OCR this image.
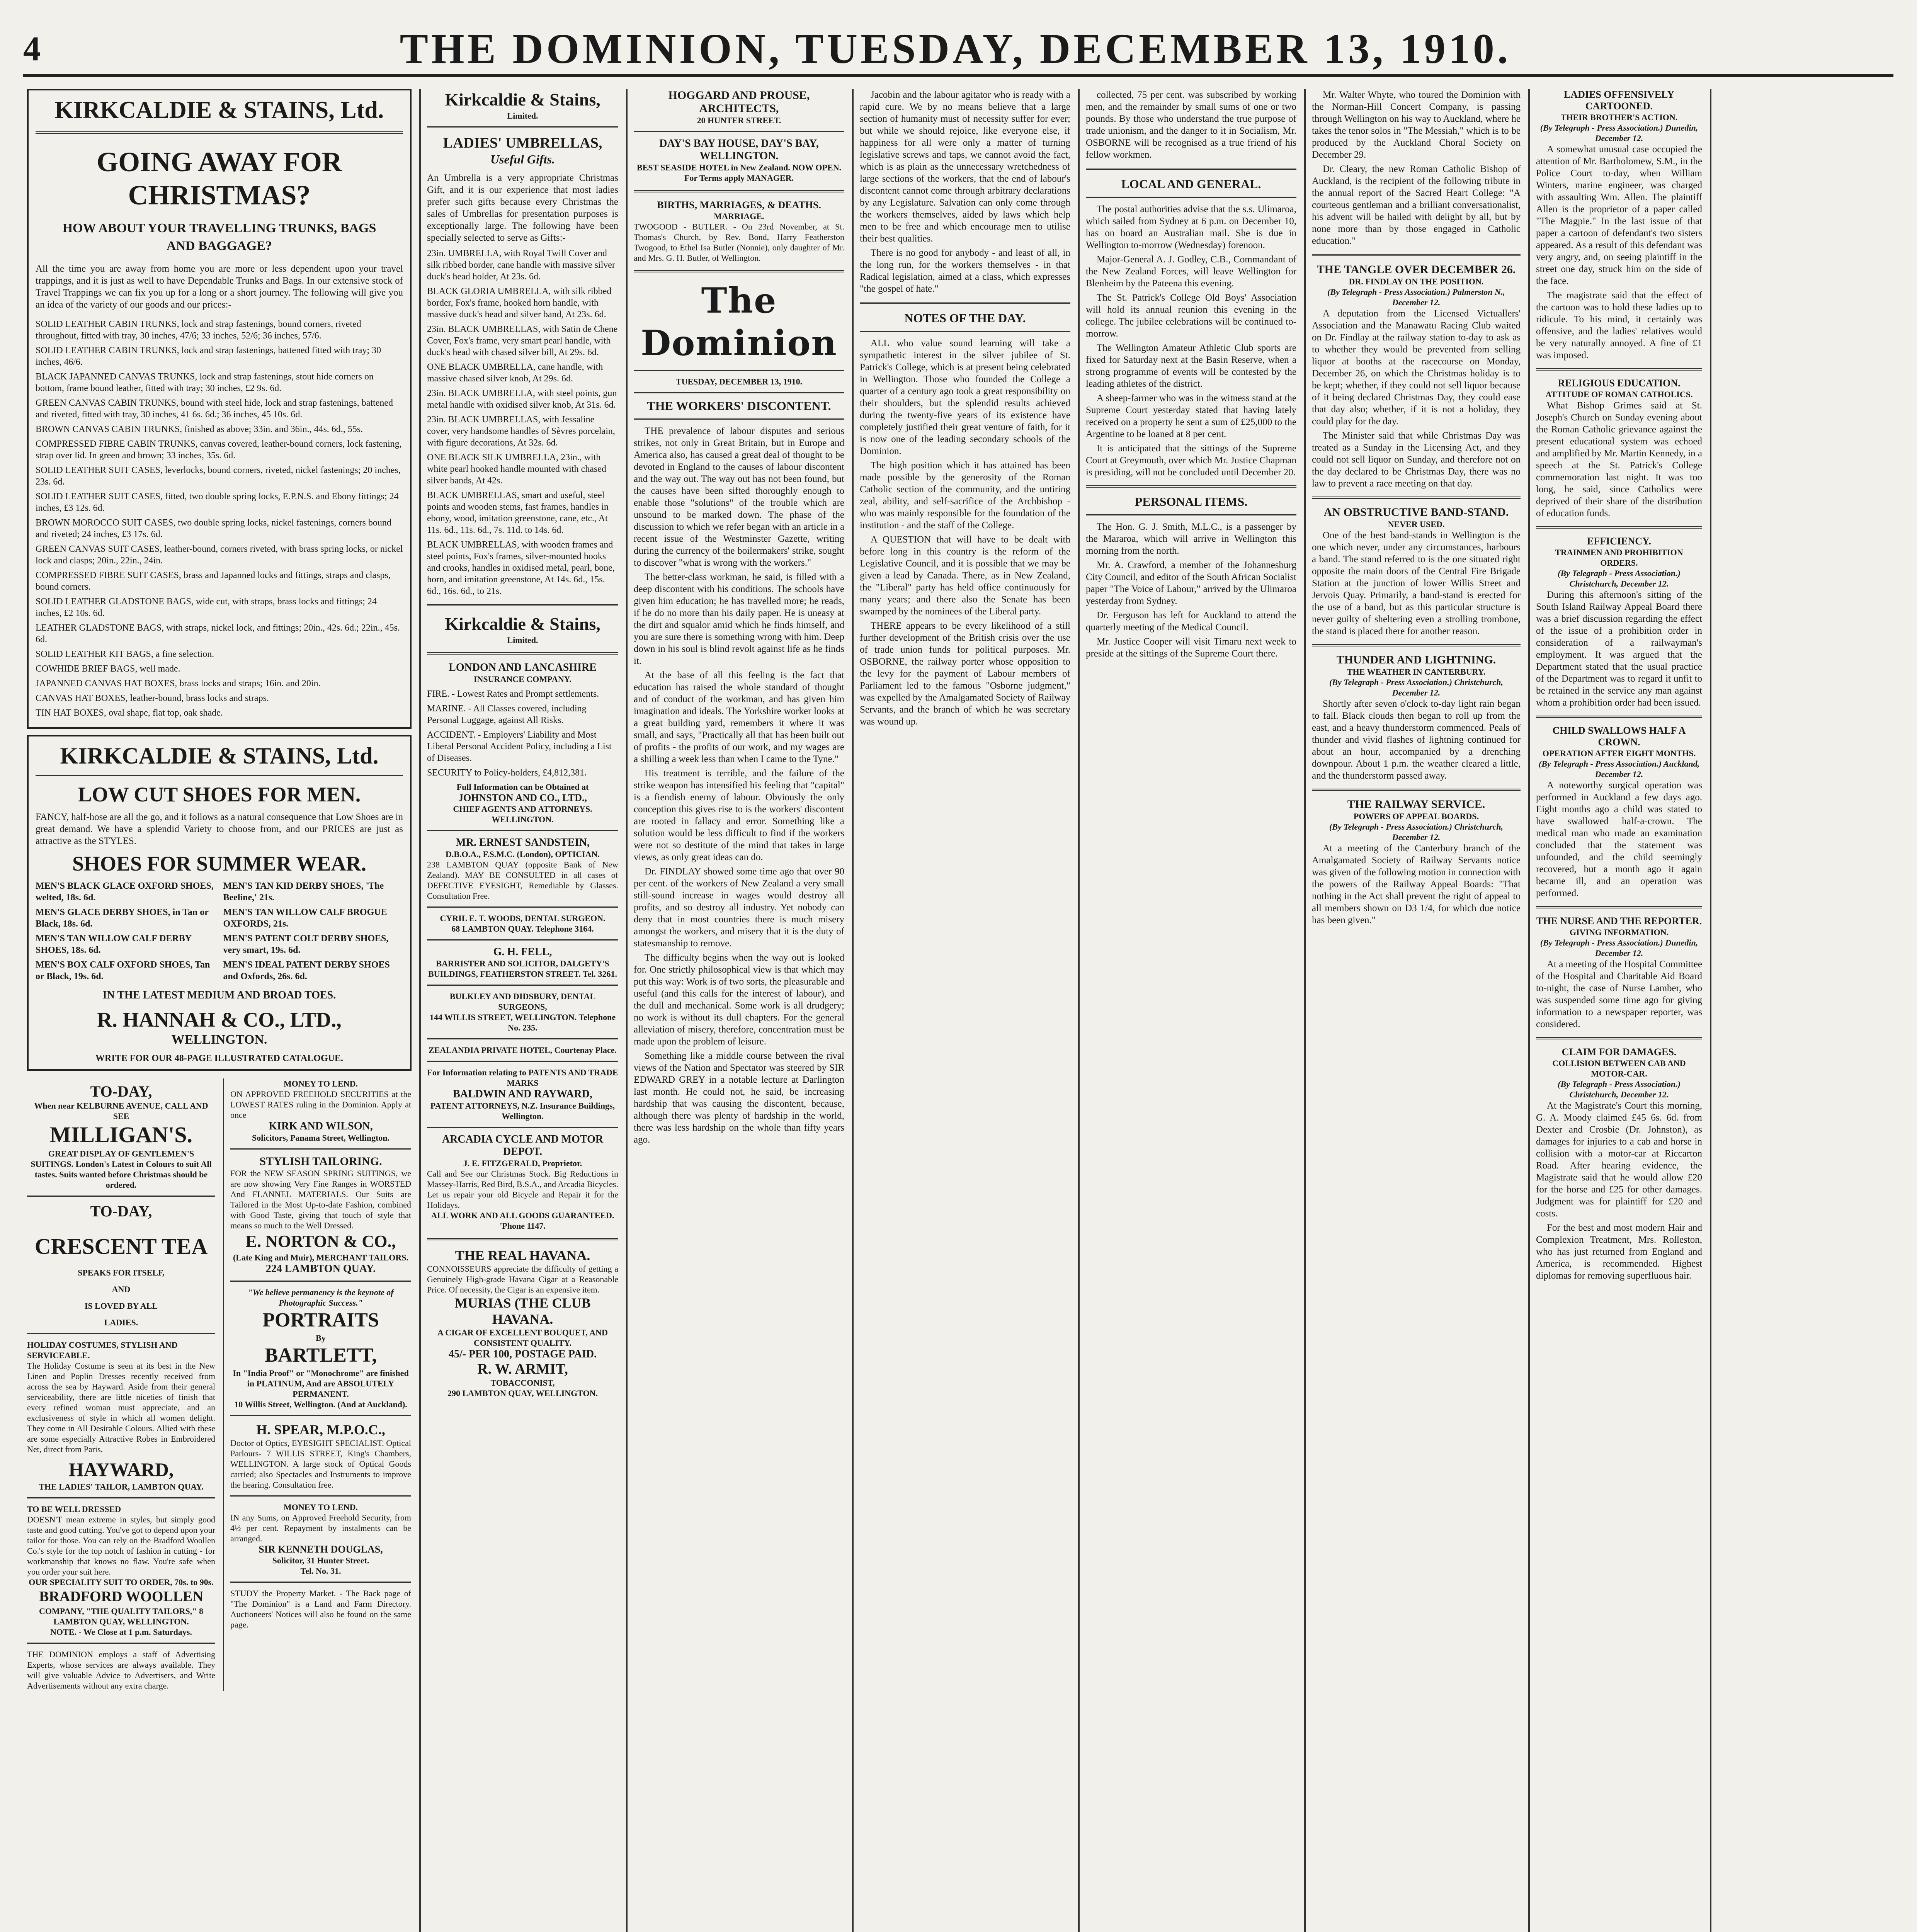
4	THE DOMINION, TUESDAY, DECEMBER 13, 1910.
KIRKCALDIE & STAINS, Ltd.
GOING AWAY FOR
CHRISTMAS?
HOW ABOUT YOUR TRAVELLING TRUNKS, BAGS AND BAGGAGE?
All the time you are away from home you are more or less dependent upon your travel trappings, and it is just as well to have Dependable Trunks and Bags. In our extensive stock of Travel Trappings we can fix you up for a long or a short journey. The following will give you an idea of the variety of our goods and our prices:-
SOLID LEATHER CABIN TRUNKS, lock and strap fastenings, bound corners, riveted throughout, fitted with tray, 30 inches, 47/6; 33 inches, 52/6; 36 inches, 57/6.
SOLID LEATHER CABIN TRUNKS, lock and strap fastenings, battened fitted with tray; 30 inches, 46/6.
BLACK JAPANNED CANVAS TRUNKS, lock and strap fastenings, stout hide corners on bottom, frame bound leather, fitted with tray; 30 inches, £2 9s. 6d.
GREEN CANVAS CABIN TRUNKS, bound with steel hide, lock and strap fastenings, battened and riveted, fitted with tray, 30 inches, 41 6s. 6d.; 36 inches, 45 10s. 6d.
BROWN CANVAS CABIN TRUNKS, finished as above; 33in. and 36in., 44s. 6d., 55s.
COMPRESSED FIBRE CABIN TRUNKS, canvas covered, leather-bound corners, lock fastening, strap over lid. In green and brown; 33 inches, 35s. 6d.
SOLID LEATHER SUIT CASES, leverlocks, bound corners, riveted, nickel fastenings; 20 inches, 23s. 6d.
SOLID LEATHER SUIT CASES, fitted, two double spring locks, E.P.N.S. and Ebony fittings; 24 inches, £3 12s. 6d.
BROWN MOROCCO SUIT CASES, two double spring locks, nickel fastenings, corners bound and riveted; 24 inches, £3 17s. 6d.
GREEN CANVAS SUIT CASES, leather-bound, corners riveted, with brass spring locks, or nickel lock and clasps; 20in., 22in., 24in.
COMPRESSED FIBRE SUIT CASES, brass and Japanned locks and fittings, straps and clasps, bound corners.
SOLID LEATHER GLADSTONE BAGS, wide cut, with straps, brass locks and fittings; 24 inches, £2 10s. 6d.
LEATHER GLADSTONE BAGS, with straps, nickel lock, and fittings; 20in., 42s. 6d.; 22in., 45s. 6d.
SOLID LEATHER KIT BAGS, a fine selection.
COWHIDE BRIEF BAGS, well made.
JAPANNED CANVAS HAT BOXES, brass locks and straps; 16in. and 20in.
CANVAS HAT BOXES, leather-bound, brass locks and straps.
TIN HAT BOXES, oval shape, flat top, oak shade.
KIRKCALDIE & STAINS, Ltd.
LOW CUT SHOES FOR MEN.
FANCY, half-hose are all the go, and it follows as a natural consequence that Low Shoes are in great demand. We have a splendid Variety to choose from, and our PRICES are just as attractive as the STYLES.
SHOES FOR SUMMER WEAR.
MEN'S BLACK GLACE OXFORD SHOES, welted, 18s. 6d.
MEN'S TAN KID DERBY SHOES, 'The Beeline,' 21s.
MEN'S GLACE DERBY SHOES, in Tan or Black, 18s. 6d.
MEN'S TAN WILLOW CALF BROGUE OXFORDS, 21s.
MEN'S TAN WILLOW CALF DERBY SHOES, 18s. 6d.
MEN'S PATENT COLT DERBY SHOES, very smart, 19s. 6d.
MEN'S BOX CALF OXFORD SHOES, Tan or Black, 19s. 6d.
MEN'S IDEAL PATENT DERBY SHOES and Oxfords, 26s. 6d.
IN THE LATEST MEDIUM AND BROAD TOES.
R. HANNAH & CO., LTD.,
WELLINGTON.
WRITE FOR OUR 48-PAGE ILLUSTRATED CATALOGUE.
TO-DAY,
When near KELBURNE AVENUE, CALL AND SEE
MILLIGAN'S.
GREAT DISPLAY OF GENTLEMEN'S SUITINGS. London's Latest in Colours to suit All tastes. Suits wanted before Christmas should be ordered.
TO-DAY,
CRESCENT TEA
SPEAKS FOR ITSELF,
AND
IS LOVED BY ALL
LADIES.
HOLIDAY COSTUMES, STYLISH AND SERVICEABLE.
The Holiday Costume is seen at its best in the New Linen and Poplin Dresses recently received from across the sea by Hayward. Aside from their general serviceability, there are little niceties of finish that every refined woman must appreciate, and an exclusiveness of style in which all women delight. They come in All Desirable Colours. Allied with these are some especially Attractive Robes in Embroidered Net, direct from Paris.
HAYWARD,
THE LADIES' TAILOR, LAMBTON QUAY.
TO BE WELL DRESSED
DOESN'T mean extreme in styles, but simply good taste and good cutting. You've got to depend upon your tailor for those. You can rely on the Bradford Woollen Co.'s style for the top notch of fashion in cutting - for workmanship that knows no flaw. You're safe when you order your suit here.
OUR SPECIALITY SUIT TO ORDER, 70s. to 90s.
BRADFORD WOOLLEN
COMPANY, "THE QUALITY TAILORS," 8 LAMBTON QUAY, WELLINGTON.
NOTE. - We Close at 1 p.m. Saturdays.
THE DOMINION employs a staff of Advertising Experts, whose services are always available. They will give valuable Advice to Advertisers, and Write Advertisements without any extra charge.
MONEY TO LEND.
ON APPROVED FREEHOLD SECURITIES at the LOWEST RATES ruling in the Dominion. Apply at once
KIRK AND WILSON,
Solicitors, Panama Street, Wellington.
STYLISH TAILORING.
FOR the NEW SEASON SPRING SUITINGS, we are now showing Very Fine Ranges in WORSTED And FLANNEL MATERIALS. Our Suits are Tailored in the Most Up-to-date Fashion, combined with Good Taste, giving that touch of style that means so much to the Well Dressed.
E. NORTON & CO.,
(Late King and Muir), MERCHANT TAILORS.
224 LAMBTON QUAY.
"We believe permanency is the keynote of Photographic Success."
PORTRAITS
By
BARTLETT,
In "India Proof" or "Monochrome" are finished in PLATINUM, And are ABSOLUTELY PERMANENT.
10 Willis Street, Wellington. (And at Auckland).
H. SPEAR, M.P.O.C.,
Doctor of Optics, EYESIGHT SPECIALIST. Optical Parlours- 7 WILLIS STREET, King's Chambers, WELLINGTON. A large stock of Optical Goods carried; also Spectacles and Instruments to improve the hearing. Consultation free.
MONEY TO LEND.
IN any Sums, on Approved Freehold Security, from 4½ per cent. Repayment by instalments can be arranged.
SIR KENNETH DOUGLAS,
Solicitor, 31 Hunter Street.
Tel. No. 31.
STUDY the Property Market. - The Back page of "The Dominion" is a Land and Farm Directory. Auctioneers' Notices will also be found on the same page.
Kirkcaldie & Stains,
Limited.
LADIES' UMBRELLAS,
Useful Gifts.
An Umbrella is a very appropriate Christmas Gift, and it is our experience that most ladies prefer such gifts because every Christmas the sales of Umbrellas for presentation purposes is exceptionally large. The following have been specially selected to serve as Gifts:-
23in. UMBRELLA, with Royal Twill Cover and silk ribbed border, cane handle with massive silver duck's head holder, At 23s. 6d.
BLACK GLORIA UMBRELLA, with silk ribbed border, Fox's frame, hooked horn handle, with massive duck's head and silver band, At 23s. 6d.
23in. BLACK UMBRELLAS, with Satin de Chene Cover, Fox's frame, very smart pearl handle, with duck's head with chased silver bill, At 29s. 6d.
ONE BLACK UMBRELLA, cane handle, with massive chased silver knob, At 29s. 6d.
23in. BLACK UMBRELLA, with steel points, gun metal handle with oxidised silver knob, At 31s. 6d.
23in. BLACK UMBRELLAS, with Jessaline cover, very handsome handles of Sèvres porcelain, with figure decorations, At 32s. 6d.
ONE BLACK SILK UMBRELLA, 23in., with white pearl hooked handle mounted with chased silver bands, At 42s.
BLACK UMBRELLAS, smart and useful, steel points and wooden stems, fast frames, handles in ebony, wood, imitation greenstone, cane, etc., At 11s. 6d., 11s. 6d., 7s. 11d. to 14s. 6d.
BLACK UMBRELLAS, with wooden frames and steel points, Fox's frames, silver-mounted hooks and crooks, handles in oxidised metal, pearl, bone, horn, and imitation greenstone, At 14s. 6d., 15s. 6d., 16s. 6d., to 21s.
Kirkcaldie & Stains,
Limited.
LONDON AND LANCASHIRE
INSURANCE COMPANY.
FIRE. - Lowest Rates and Prompt settlements.
MARINE. - All Classes covered, including Personal Luggage, against All Risks.
ACCIDENT. - Employers' Liability and Most Liberal Personal Accident Policy, including a List of Diseases.
SECURITY to Policy-holders, £4,812,381.
Full Information can be Obtained at
JOHNSTON AND CO., LTD.,
CHIEF AGENTS AND ATTORNEYS. WELLINGTON.
MR. ERNEST SANDSTEIN,
D.B.O.A., F.S.M.C. (London), OPTICIAN.
238 LAMBTON QUAY (opposite Bank of New Zealand). MAY BE CONSULTED in all cases of DEFECTIVE EYESIGHT, Remediable by Glasses. Consultation Free.
CYRIL E. T. WOODS, DENTAL SURGEON.
68 LAMBTON QUAY. Telephone 3164.
G. H. FELL,
BARRISTER AND SOLICITOR, DALGETY'S BUILDINGS, FEATHERSTON STREET. Tel. 3261.
BULKLEY AND DIDSBURY, DENTAL SURGEONS,
144 WILLIS STREET, WELLINGTON. Telephone No. 235.
ZEALANDIA PRIVATE HOTEL, Courtenay Place.
For Information relating to PATENTS AND TRADE MARKS
BALDWIN AND RAYWARD,
PATENT ATTORNEYS, N.Z. Insurance Buildings, Wellington.
ARCADIA CYCLE AND MOTOR DEPOT.
J. E. FITZGERALD, Proprietor.
Call and See our Christmas Stock. Big Reductions in Massey-Harris, Red Bird, B.S.A., and Arcadia Bicycles. Let us repair your old Bicycle and Repair it for the Holidays.
ALL WORK AND ALL GOODS GUARANTEED. 'Phone 1147.
THE REAL HAVANA.
CONNOISSEURS appreciate the difficulty of getting a Genuinely High-grade Havana Cigar at a Reasonable Price. Of necessity, the Cigar is an expensive item.
MURIAS (THE CLUB HAVANA.
A CIGAR OF EXCELLENT BOUQUET, AND CONSISTENT QUALITY.
45/- PER 100, POSTAGE PAID.
R. W. ARMIT,
TOBACCONIST,
290 LAMBTON QUAY, WELLINGTON.
HOGGARD AND PROUSE, ARCHITECTS,
20 HUNTER STREET.
DAY'S BAY HOUSE, DAY'S BAY, WELLINGTON.
BEST SEASIDE HOTEL in New Zealand. NOW OPEN. For Terms apply MANAGER.
BIRTHS, MARRIAGES, & DEATHS.
MARRIAGE.
TWOGOOD - BUTLER. - On 23rd November, at St. Thomas's Church, by Rev. Bond, Harry Featherston Twogood, to Ethel Isa Butler (Nonnie), only daughter of Mr. and Mrs. G. H. Butler, of Wellington.
The Dominion
TUESDAY, DECEMBER 13, 1910.
THE WORKERS' DISCONTENT.

THE prevalence of labour disputes and serious strikes, not only in Great Britain, but in Europe and America also, has caused a great deal of thought to be devoted in England to the causes of labour discontent and the way out. The way out has not been found, but the causes have been sifted thoroughly enough to enable those "solutions" of the trouble which are unsound to be marked down. The phase of the discussion to which we refer began with an article in a recent issue of the Westminster Gazette, writing during the currency of the boilermakers' strike, sought to discover "what is wrong with the workers."

The better-class workman, he said, is filled with a deep discontent with his conditions. The schools have given him education; he has travelled more; he reads, if he do no more than his daily paper. He is uneasy at the dirt and squalor amid which he finds himself, and you are sure there is something wrong with him. Deep down in his soul is blind revolt against life as he finds it.

At the base of all this feeling is the fact that education has raised the whole standard of thought and of conduct of the workman, and has given him imagination and ideals. The Yorkshire worker looks at a great building yard, remembers it where it was small, and says, "Practically all that has been built out of profits - the profits of our work, and my wages are a shilling a week less than when I came to the Tyne."

His treatment is terrible, and the failure of the strike weapon has intensified his feeling that "capital" is a fiendish enemy of labour. Obviously the only conception this gives rise to is the workers' discontent are rooted in fallacy and error. Something like a solution would be less difficult to find if the workers were not so destitute of the mind that takes in large views, as only great ideas can do.

Dr. FINDLAY showed some time ago that over 90 per cent. of the workers of New Zealand a very small still-sound increase in wages would destroy all profits, and so destroy all industry. Yet nobody can deny that in most countries there is much misery amongst the workers, and misery that it is the duty of statesmanship to remove.

The difficulty begins when the way out is looked for. One strictly philosophical view is that which may put this way: Work is of two sorts, the pleasurable and useful (and this calls for the interest of labour), and the dull and mechanical. Some work is all drudgery; no work is without its dull chapters. For the general alleviation of misery, therefore, concentration must be made upon the problem of leisure.

Something like a middle course between the rival views of the Nation and Spectator was steered by SIR EDWARD GREY in a notable lecture at Darlington last month. He could not, he said, be increasing hardship that was causing the discontent, because, although there was plenty of hardship in the world, there was less hardship on the whole than fifty years ago.

Jacobin and the labour agitator who is ready with a rapid cure. We by no means believe that a large section of humanity must of necessity suffer for ever; but while we should rejoice, like everyone else, if happiness for all were only a matter of turning legislative screws and taps, we cannot avoid the fact, which is as plain as the unnecessary wretchedness of large sections of the workers, that the end of labour's discontent cannot come through arbitrary declarations by any Legislature. Salvation can only come through the workers themselves, aided by laws which help men to be free and which encourage men to utilise their best qualities.

There is no good for anybody - and least of all, in the long run, for the workers themselves - in that Radical legislation, aimed at a class, which expresses "the gospel of hate."

NOTES OF THE DAY.

ALL who value sound learning will take a sympathetic interest in the silver jubilee of St. Patrick's College, which is at present being celebrated in Wellington. Those who founded the College a quarter of a century ago took a great responsibility on their shoulders, but the splendid results achieved during the twenty-five years of its existence have completely justified their great venture of faith, for it is now one of the leading secondary schools of the Dominion.

The high position which it has attained has been made possible by the generosity of the Roman Catholic section of the community, and the untiring zeal, ability, and self-sacrifice of the Archbishop - who was mainly responsible for the foundation of the institution - and the staff of the College.

A QUESTION that will have to be dealt with before long in this country is the reform of the Legislative Council, and it is possible that we may be given a lead by Canada. There, as in New Zealand, the "Liberal" party has held office continuously for many years; and there also the Senate has been swamped by the nominees of the Liberal party.

THERE appears to be every likelihood of a still further development of the British crisis over the use of trade union funds for political purposes. Mr. OSBORNE, the railway porter whose opposition to the levy for the payment of Labour members of Parliament led to the famous "Osborne judgment," was expelled by the Amalgamated Society of Railway Servants, and the branch of which he was secretary was wound up.

collected, 75 per cent. was subscribed by working men, and the remainder by small sums of one or two pounds. By those who understand the true purpose of trade unionism, and the danger to it in Socialism, Mr. OSBORNE will be recognised as a true friend of his fellow workmen.

LOCAL AND GENERAL.

The postal authorities advise that the s.s. Ulimaroa, which sailed from Sydney at 6 p.m. on December 10, has on board an Australian mail. She is due in Wellington to-morrow (Wednesday) forenoon.

Major-General A. J. Godley, C.B., Commandant of the New Zealand Forces, will leave Wellington for Blenheim by the Pateena this evening.

The St. Patrick's College Old Boys' Association will hold its annual reunion this evening in the college. The jubilee celebrations will be continued to-morrow.

The Wellington Amateur Athletic Club sports are fixed for Saturday next at the Basin Reserve, when a strong programme of events will be contested by the leading athletes of the district.

A sheep-farmer who was in the witness stand at the Supreme Court yesterday stated that having lately received on a property he sent a sum of £25,000 to the Argentine to be loaned at 8 per cent.

It is anticipated that the sittings of the Supreme Court at Greymouth, over which Mr. Justice Chapman is presiding, will not be concluded until December 20.

PERSONAL ITEMS.

The Hon. G. J. Smith, M.L.C., is a passenger by the Mararoa, which will arrive in Wellington this morning from the north.

Mr. A. Crawford, a member of the Johannesburg City Council, and editor of the South African Socialist paper "The Voice of Labour," arrived by the Ulimaroa yesterday from Sydney.

Dr. Ferguson has left for Auckland to attend the quarterly meeting of the Medical Council.

Mr. Justice Cooper will visit Timaru next week to preside at the sittings of the Supreme Court there.

Mr. Walter Whyte, who toured the Dominion with the Norman-Hill Concert Company, is passing through Wellington on his way to Auckland, where he takes the tenor solos in "The Messiah," which is to be produced by the Auckland Choral Society on December 29.

Dr. Cleary, the new Roman Catholic Bishop of Auckland, is the recipient of the following tribute in the annual report of the Sacred Heart College: "A courteous gentleman and a brilliant conversationalist, his advent will be hailed with delight by all, but by none more than by those engaged in Catholic education."

THE TANGLE OVER DECEMBER 26.
DR. FINDLAY ON THE POSITION.
(By Telegraph - Press Association.) Palmerston N., December 12.

A deputation from the Licensed Victuallers' Association and the Manawatu Racing Club waited on Dr. Findlay at the railway station to-day to ask as to whether they would be prevented from selling liquor at booths at the racecourse on Monday, December 26, on which the Christmas holiday is to be kept; whether, if they could not sell liquor because of it being declared Christmas Day, they could ease that day also; whether, if it is not a holiday, they could play for the day.

The Minister said that while Christmas Day was treated as a Sunday in the Licensing Act, and they could not sell liquor on Sunday, and therefore not on the day declared to be Christmas Day, there was no law to prevent a race meeting on that day.

AN OBSTRUCTIVE BAND-STAND.
NEVER USED.

One of the best band-stands in Wellington is the one which never, under any circumstances, harbours a band. The stand referred to is the one situated right opposite the main doors of the Central Fire Brigade Station at the junction of lower Willis Street and Jervois Quay. Primarily, a band-stand is erected for the use of a band, but as this particular structure is never guilty of sheltering even a strolling trombone, the stand is placed there for another reason.

THUNDER AND LIGHTNING.
THE WEATHER IN CANTERBURY.
(By Telegraph - Press Association.) Christchurch, December 12.

Shortly after seven o'clock to-day light rain began to fall. Black clouds then began to roll up from the east, and a heavy thunderstorm commenced. Peals of thunder and vivid flashes of lightning continued for about an hour, accompanied by a drenching downpour. About 1 p.m. the weather cleared a little, and the thunderstorm passed away.

THE RAILWAY SERVICE.
POWERS OF APPEAL BOARDS.
(By Telegraph - Press Association.) Christchurch, December 12.

At a meeting of the Canterbury branch of the Amalgamated Society of Railway Servants notice was given of the following motion in connection with the powers of the Railway Appeal Boards: "That nothing in the Act shall prevent the right of appeal to all members shown on D3 1/4, for which due notice has been given."

LADIES OFFENSIVELY CARTOONED.
THEIR BROTHER'S ACTION.
(By Telegraph - Press Association.) Dunedin, December 12.

A somewhat unusual case occupied the attention of Mr. Bartholomew, S.M., in the Police Court to-day, when William Winters, marine engineer, was charged with assaulting Wm. Allen. The plaintiff Allen is the proprietor of a paper called "The Magpie." In the last issue of that paper a cartoon of defendant's two sisters appeared. As a result of this defendant was very angry, and, on seeing plaintiff in the street one day, struck him on the side of the face.

The magistrate said that the effect of the cartoon was to hold these ladies up to ridicule. To his mind, it certainly was offensive, and the ladies' relatives would be very naturally annoyed. A fine of £1 was imposed.

RELIGIOUS EDUCATION.
ATTITUDE OF ROMAN CATHOLICS.

What Bishop Grimes said at St. Joseph's Church on Sunday evening about the Roman Catholic grievance against the present educational system was echoed and amplified by Mr. Martin Kennedy, in a speech at the St. Patrick's College commemoration last night. It was too long, he said, since Catholics were deprived of their share of the distribution of education funds.

EFFICIENCY.
TRAINMEN AND PROHIBITION ORDERS.
(By Telegraph - Press Association.) Christchurch, December 12.

During this afternoon's sitting of the South Island Railway Appeal Board there was a brief discussion regarding the effect of the issue of a prohibition order in consideration of a railwayman's employment. It was argued that the Department stated that the usual practice of the Department was to regard it unfit to be retained in the service any man against whom a prohibition order had been issued.

CHILD SWALLOWS HALF A CROWN.
OPERATION AFTER EIGHT MONTHS.
(By Telegraph - Press Association.) Auckland, December 12.

A noteworthy surgical operation was performed in Auckland a few days ago. Eight months ago a child was stated to have swallowed half-a-crown. The medical man who made an examination concluded that the statement was unfounded, and the child seemingly recovered, but a month ago it again became ill, and an operation was performed.

THE NURSE AND THE REPORTER.
GIVING INFORMATION.
(By Telegraph - Press Association.) Dunedin, December 12.

At a meeting of the Hospital Committee of the Hospital and Charitable Aid Board to-night, the case of Nurse Lamber, who was suspended some time ago for giving information to a newspaper reporter, was considered.

CLAIM FOR DAMAGES.
COLLISION BETWEEN CAB AND MOTOR-CAR.
(By Telegraph - Press Association.) Christchurch, December 12.

At the Magistrate's Court this morning, G. A. Moody claimed £45 6s. 6d. from Dexter and Crosbie (Dr. Johnston), as damages for injuries to a cab and horse in collision with a motor-car at Riccarton Road. After hearing evidence, the Magistrate said that he would allow £20 for the horse and £25 for other damages. Judgment was for plaintiff for £20 and costs.

For the best and most modern Hair and Complexion Treatment, Mrs. Rolleston, who has just returned from England and America, is recommended. Highest diplomas for removing superfluous hair.
